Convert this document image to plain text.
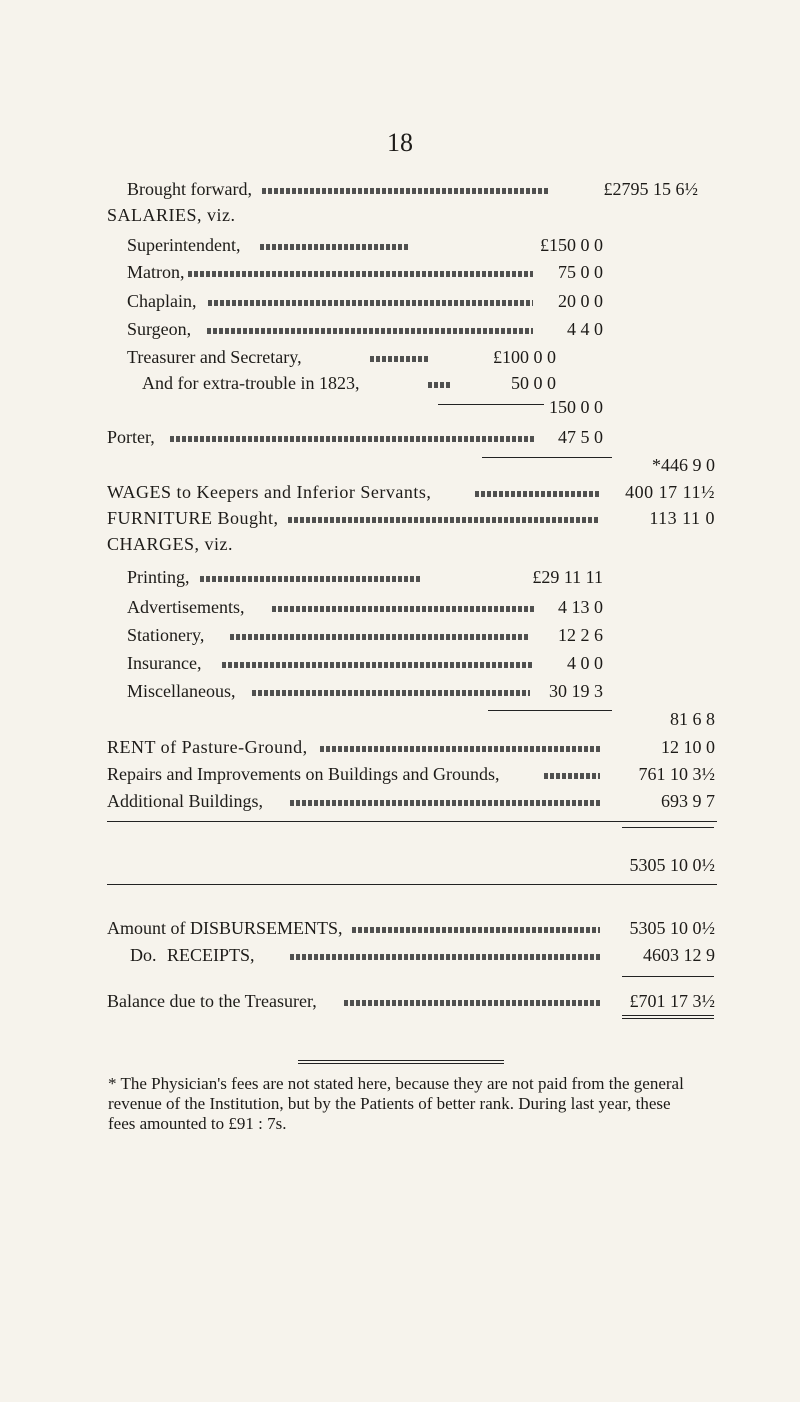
18
Brought forward,	£2795 15 6½
SALARIES, viz.
Superintendent,	£150 0 0
Matron,	75 0 0
Chaplain,	20 0 0
Surgeon,	4 4 0
Treasurer and Secretary,	£100 0 0
And for extra-trouble in 1823,	50 0 0
150 0 0
Porter,	47 5 0
*446 9 0
WAGES to Keepers and Inferior Servants,	400 17 11½
FURNITURE Bought,	113 11 0
CHARGES, viz.
Printing,	£29 11 11
Advertisements,	4 13 0
Stationery,	12 2 6
Insurance,	4 0 0
Miscellaneous,	30 19 3
81 6 8
RENT of Pasture-Ground,	12 10 0
Repairs and Improvements on Buildings and Grounds,	761 10 3½
Additional Buildings,	693 9 7
5305 10 0½
Amount of DISBURSEMENTS,	5305 10 0½
Do. RECEIPTS,	4603 12 9
Balance due to the Treasurer,	£701 17 3½
* The Physician's fees are not stated here, because they are not paid from the general revenue of the Institution, but by the Patients of better rank. During last year, these fees amounted to £91 : 7s.
